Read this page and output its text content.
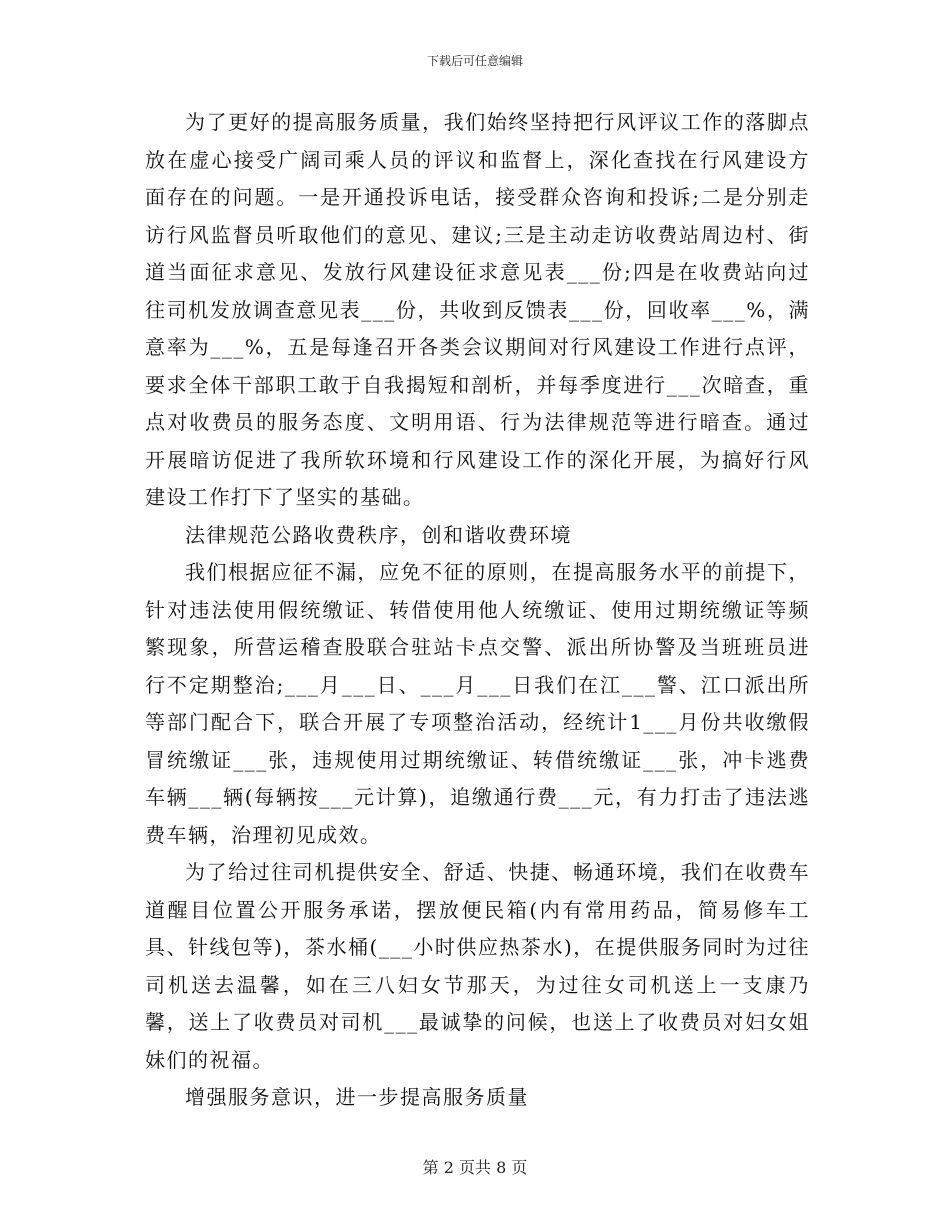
下载后可任意编辑

为了更好的提高服务质量，我们始终坚持把行风评议工作的落脚点放在虚心接受广阔司乘人员的评议和监督上，深化查找在行风建设方面存在的问题。一是开通投诉电话，接受群众咨询和投诉;二是分别走访行风监督员听取他们的意见、建议;三是主动走访收费站周边村、街道当面征求意见、发放行风建设征求意见表___份;四是在收费站向过往司机发放调查意见表___份，共收到反馈表___份，回收率___%，满意率为___%，五是每逢召开各类会议期间对行风建设工作进行点评，要求全体干部职工敢于自我揭短和剖析，并每季度进行___次暗查，重点对收费员的服务态度、文明用语、行为法律规范等进行暗查。通过开展暗访促进了我所软环境和行风建设工作的深化开展，为搞好行风建设工作打下了坚实的基础。

法律规范公路收费秩序，创和谐收费环境

我们根据应征不漏，应免不征的原则，在提高服务水平的前提下，针对违法使用假统缴证、转借使用他人统缴证、使用过期统缴证等频繁现象，所营运稽查股联合驻站卡点交警、派出所协警及当班班员进行不定期整治;___月___日、___月___日我们在江___警、江口派出所等部门配合下，联合开展了专项整治活动，经统计1___月份共收缴假冒统缴证___张，违规使用过期统缴证、转借统缴证___张，冲卡逃费车辆___辆(每辆按___元计算)，追缴通行费___元，有力打击了违法逃费车辆，治理初见成效。

为了给过往司机提供安全、舒适、快捷、畅通环境，我们在收费车道醒目位置公开服务承诺，摆放便民箱(内有常用药品，简易修车工具、针线包等)，茶水桶(___小时供应热茶水)，在提供服务同时为过往司机送去温馨，如在三八妇女节那天，为过往女司机送上一支康乃馨，送上了收费员对司机___最诚挚的问候，也送上了收费员对妇女姐妹们的祝福。

增强服务意识，进一步提高服务质量

第 2 页共 8 页
